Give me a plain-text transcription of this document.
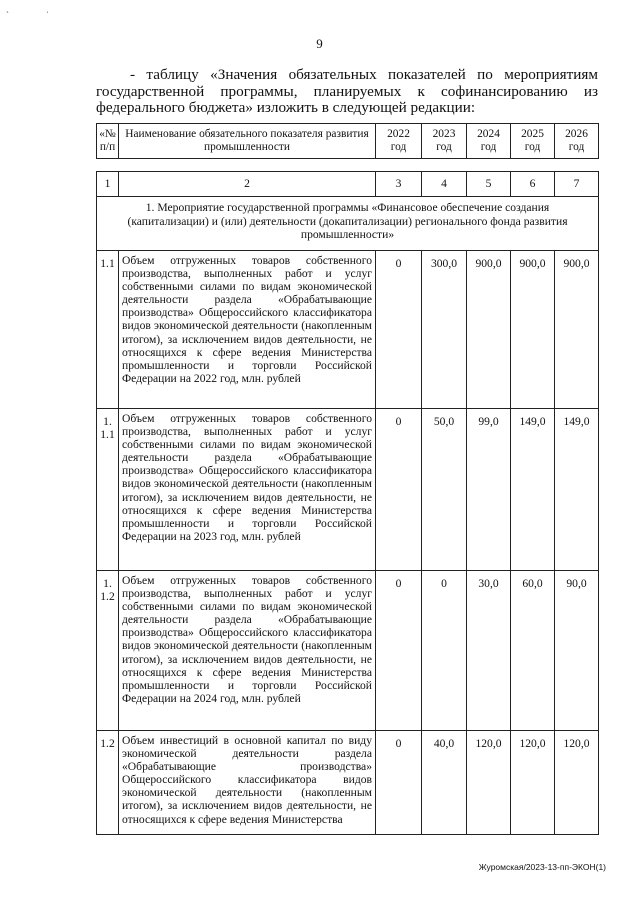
ˋ	ˈ
9

- таблицу «Значения обязательных показателей по мероприятиям государственной программы, планируемых к софинансированию из федерального бюджета» изложить в следующей редакции:

«№ п/п	Наименование обязательного показателя развития промышленности	2022 год	2023 год	2024 год	2025 год	2026 год
1	2	3	4	5	6	7
1. Мероприятие государственной программы «Финансовое обеспечение создания (капитализации) и (или) деятельности (докапитализации) регионального фонда развития промышленности»						
1.1	Объем отгруженных товаров собственного производства, выполненных работ и услуг собственными силами по видам экономической деятельности раздела «Обрабатывающие производства» Общероссийского классификатора видов экономической деятельности (накопленным итогом), за исключением видов деятельности, не относящихся к сфере ведения Министерства промышленности и торговли Российской Федерации на 2022 год, млн. рублей	0	300,0	900,0	900,0	900,0
1.1.1	Объем отгруженных товаров собственного производства, выполненных работ и услуг собственными силами по видам экономической деятельности раздела «Обрабатывающие производства» Общероссийского классификатора видов экономической деятельности (накопленным итогом), за исключением видов деятельности, не относящихся к сфере ведения Министерства промышленности и торговли Российской Федерации на 2023 год, млн. рублей	0	50,0	99,0	149,0	149,0
1.1.2	Объем отгруженных товаров собственного производства, выполненных работ и услуг собственными силами по видам экономической деятельности раздела «Обрабатывающие производства» Общероссийского классификатора видов экономической деятельности (накопленным итогом), за исключением видов деятельности, не относящихся к сфере ведения Министерства промышленности и торговли Российской Федерации на 2024 год, млн. рублей	0	0	30,0	60,0	90,0
1.2	Объем инвестиций в основной капитал по виду экономической деятельности раздела «Обрабатывающие производства» Общероссийского классификатора видов экономической деятельности (накопленным итогом), за исключением видов деятельности, не относящихся к сфере ведения Министерства	0	40,0	120,0	120,0	120,0
Журомская/2023-13-пп-ЭКОН(1)
